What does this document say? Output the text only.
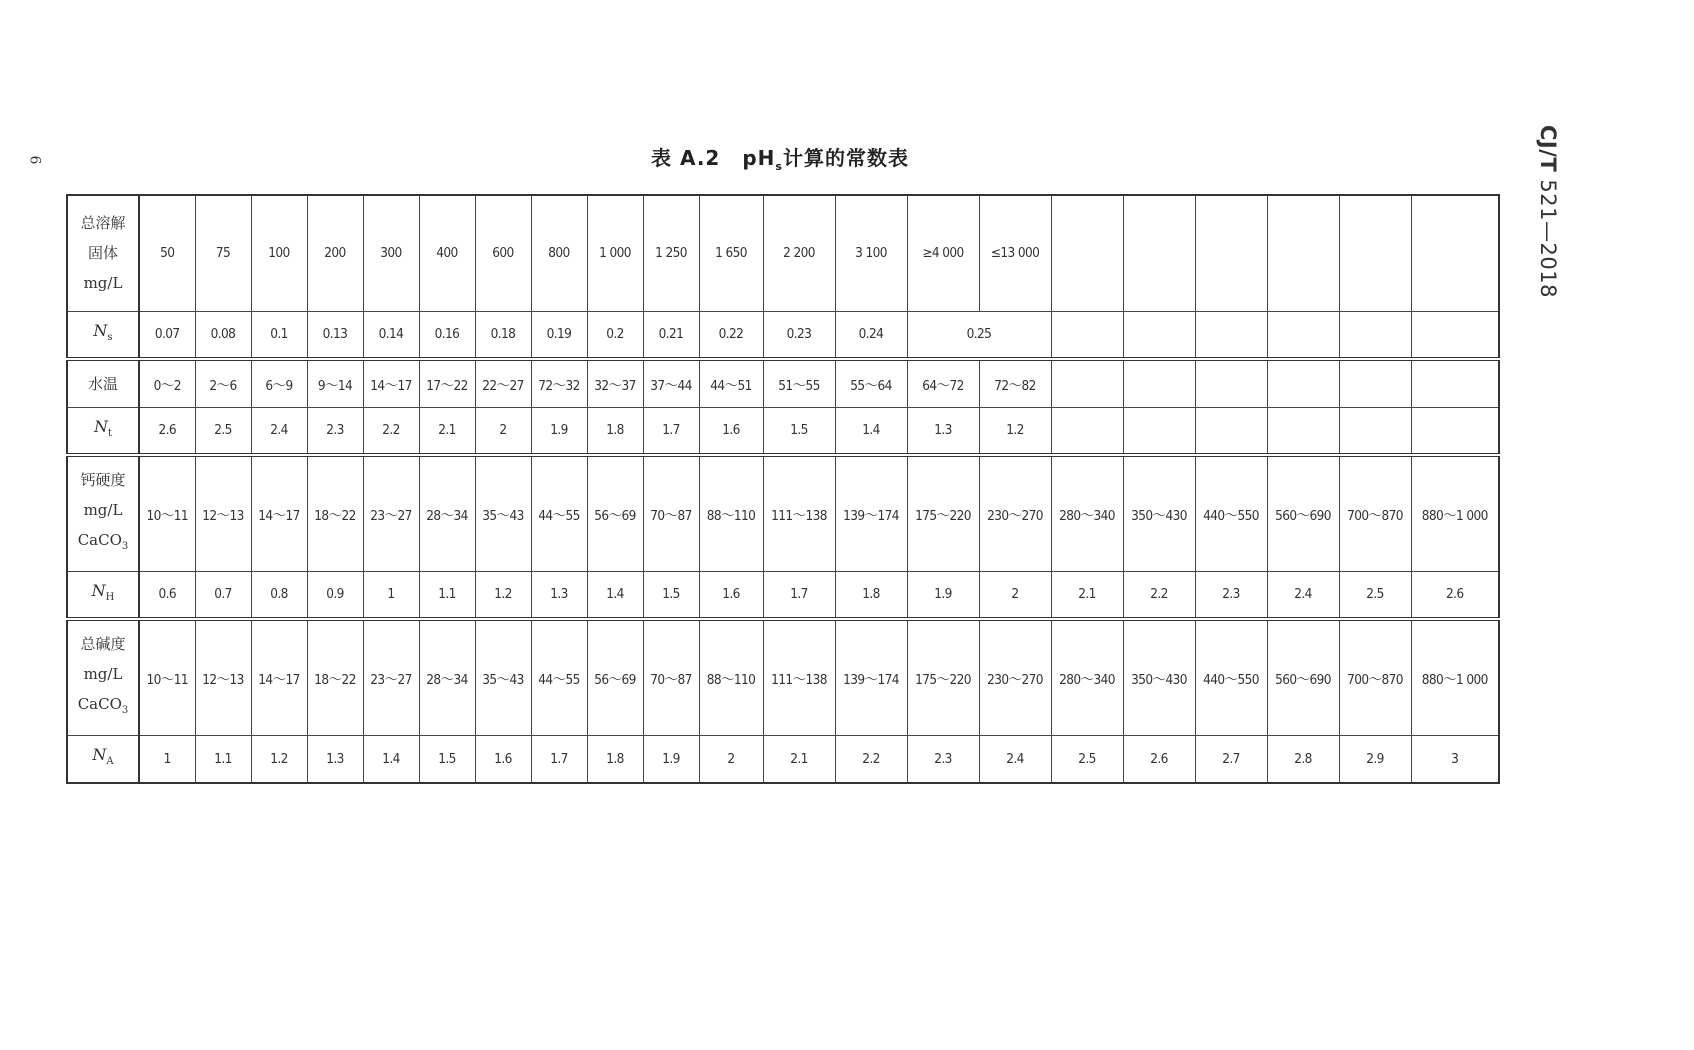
6	CJ/T 521—2018
表 A.2 $pH_s$计算的常数表
总溶解
固体
mg/L	50	75	100	200	300	400	600	800	1 000	1 250	1 650	2 200	3 100	≥4 000	≤13 000						
$N_s$	0.07	0.08	0.1	0.13	0.14	0.16	0.18	0.19	0.2	0.21	0.22	0.23	0.24	0.25							
水温	0～2	2～6	6～9	9～14	14～17	17～22	22～27	72～32	32～37	37～44	44～51	51～55	55～64	64～72	72～82						
$N_t$	2.6	2.5	2.4	2.3	2.2	2.1	2	1.9	1.8	1.7	1.6	1.5	1.4	1.3	1.2						

钙硬度
mg/L
CaCO$_3$	10～11	12～13	14～17	18～22	23～27	28～34	35～43	44～55	56～69	70～87	88～110	111～138	139～174	175～220	230～270	280～340	350～430	440～550	560～690	700～870	880～1 000
$N_H$	0.6	0.7	0.8	0.9	1	1.1	1.2	1.3	1.4	1.5	1.6	1.7	1.8	1.9	2	2.1	2.2	2.3	2.4	2.5	2.6

总碱度
mg/L
CaCO$_3$	10～11	12～13	14～17	18～22	23～27	28～34	35～43	44～55	56～69	70～87	88～110	111～138	139～174	175～220	230～270	280～340	350～430	440～550	560～690	700～870	880～1 000
$N_A$	1	1.1	1.2	1.3	1.4	1.5	1.6	1.7	1.8	1.9	2	2.1	2.2	2.3	2.4	2.5	2.6	2.7	2.8	2.9	3
